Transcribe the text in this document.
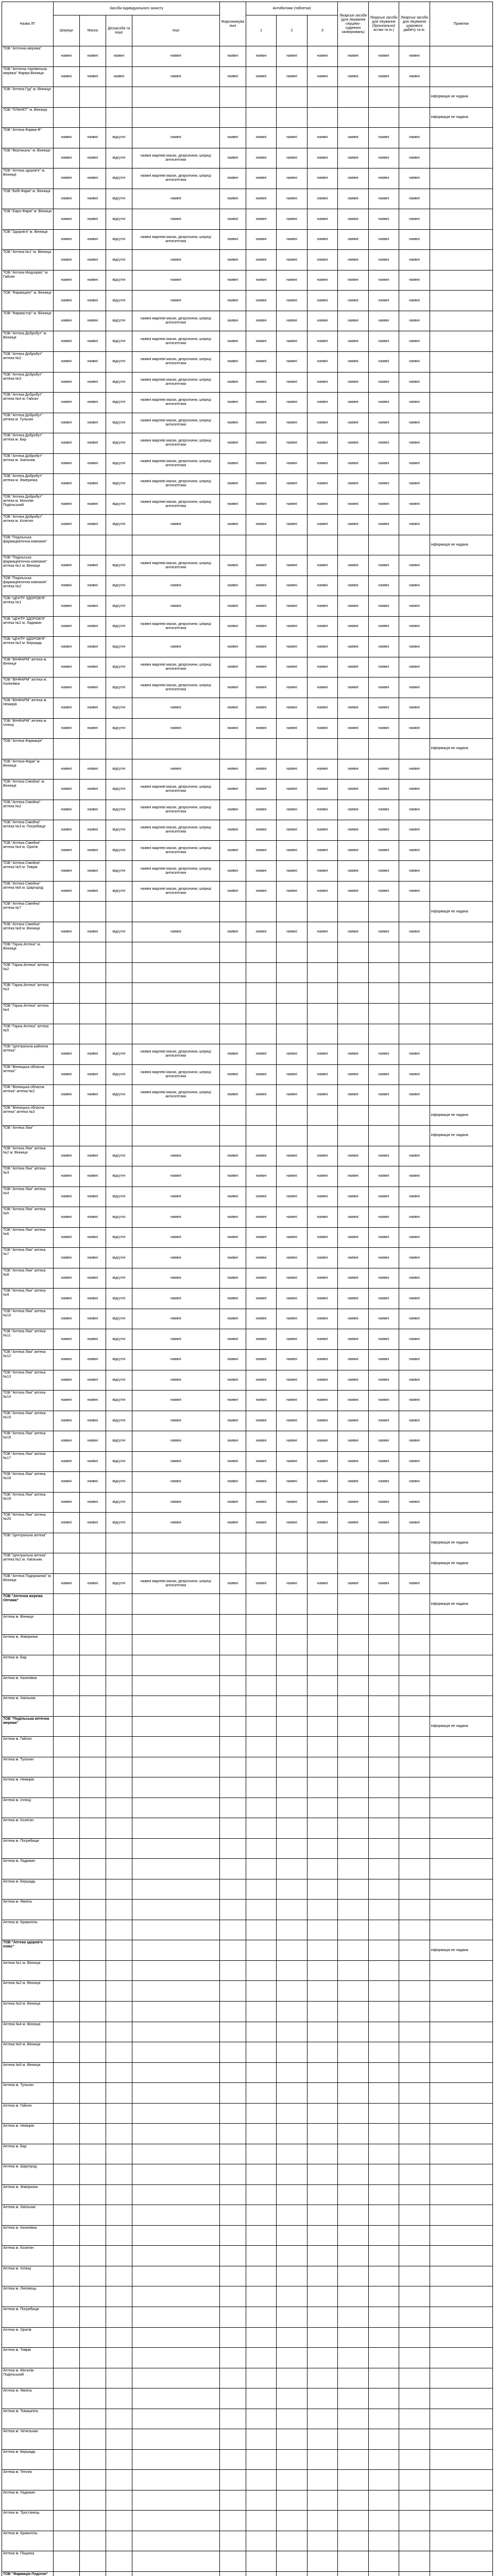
Назва ЛГ	Засоби індивідуального захисту				Жарознижувальні	Антибіотики (таблетки)			Лікарські засоби (для лікування серцево-судинних захворювань)	Лікарські засоби для лікування (бронхіальної астми та ін.)	Лікарські засоби для лікування цукрового діабету та ін.	Примітки
	Шприци	Маска	Деззасоби та інше	Інші		1	2	3				
ТОВ "Аптечна мережа"	наявні	наявні	наявні	наявні	наявні	наявні	наявні	наявні	наявні	наявні	наявні	
ТОВ "Аптечна торгівельна мережа" Фарма Вінниця	наявні	наявні	наявні	наявні	наявні	наявні	наявні	наявні	наявні	наявні	наявні	
ТОВ "Аптека Гуд" м. Вінниця												інформація не надана
ТОВ "ПЛАНЕТ" м. Вінниця												інформація не надана
ТОВ "Аптека Фарма-Ф"	наявні	наявні	відсутні	наявні	наявні	наявні	наявні	наявні	наявні	наявні	наявні	
ТОВ "Вертикаль" м. Вінниця	наявні	наявні	відсутні	наявні марлеві маски, дезрозчини, шприці антисептики	наявні	наявні	наявні	наявні	наявні	наявні	наявні	
ТОВ "Аптека здоров'я" м. Вінниця	наявні	наявні	відсутні	наявні марлеві маски, дезрозчини, шприці антисептики	наявні	наявні	наявні	наявні	наявні	наявні	наявні	
ТОВ "Бебі-Фарм" м. Вінниця	наявні	наявні	відсутні	наявні	наявні	наявні	наявні	наявні	наявні	наявні	наявні	
ТОВ "Євро-Фарм" м. Вінниця	наявні	наявні	відсутні	наявні	наявні	наявні	наявні	наявні	наявні	наявні	наявні	
ТОВ "Здоров'я" м. Вінниця	наявні	наявні	відсутні	наявні марлеві маски, дезрозчини, шприці антисептики	наявні	наявні	наявні	наявні	наявні	наявні	наявні	
ТОВ "Аптека №1" м. Вінниця	наявні	наявні	відсутні	наявні	наявні	наявні	наявні	наявні	наявні	наявні	наявні	
ТОВ "Аптека Медсервіс" м. Гайсин	наявні	наявні	відсутні	наявні	наявні	наявні	наявні	наявні	наявні	наявні	наявні	
ТОВ "Фармацевт" м. Вінниця	наявні	наявні	відсутні	наявні	наявні	наявні	наявні	наявні	наявні	наявні	наявні	
ТОВ "Фармастор" м. Вінниця	наявні	наявні	відсутні	наявні марлеві маски, дезрозчини, шприці антисептики	наявні	наявні	наявні	наявні	наявні	наявні	наявні	
ТОВ "Аптека Добробут" м. Вінниця	наявні	наявні	відсутні	наявні марлеві маски, дезрозчини, шприці антисептики	наявні	наявні	наявні	наявні	наявні	наявні	наявні	
ТОВ "Аптека Добробут" аптека №2	наявні	наявні	відсутні	наявні марлеві маски, дезрозчини, шприці антисептики	наявні	наявні	наявні	наявні	наявні	наявні	наявні	
ТОВ "Аптека Добробут" аптека №3	наявні	наявні	відсутні	наявні марлеві маски, дезрозчини, шприці антисептики	наявні	наявні	наявні	наявні	наявні	наявні	наявні	
ТОВ "Аптека Добробут" аптека №4 м. Гайсин	наявні	наявні	відсутні	наявні марлеві маски, дезрозчини, шприці антисептики	наявні	наявні	наявні	наявні	наявні	наявні	наявні	
ТОВ "Аптека Добробут" аптека м. Тульчин	наявні	наявні	відсутні	наявні марлеві маски, дезрозчини, шприці антисептики	наявні	наявні	наявні	наявні	наявні	наявні	наявні	
ТОВ "Аптека Добробут" аптека м. Бар	наявні	наявні	відсутні	наявні марлеві маски, дезрозчини, шприці антисептики	наявні	наявні	наявні	наявні	наявні	наявні	наявні	
ТОВ "Аптека Добробут" аптека м. Хмільник	наявні	наявні	відсутні	наявні марлеві маски, дезрозчини, шприці антисептики	наявні	наявні	наявні	наявні	наявні	наявні	наявні	
ТОВ "Аптека Добробут" аптека м. Жмеринка	наявні	наявні	відсутні	наявні марлеві маски, дезрозчини, шприці антисептики	наявні	наявні	наявні	наявні	наявні	наявні	наявні	
ТОВ "Аптека Добробут" аптека м. Могилів-Подільський	наявні	наявні	відсутні	наявні марлеві маски, дезрозчини, шприці антисептики	наявні	наявні	наявні	наявні	наявні	наявні	наявні	
ТОВ "Аптека Добробут" аптека м. Козятин	наявні	наявні	відсутні	наявні	наявні	наявні	наявні	наявні	наявні	наявні	наявні	
ТОВ "Подільська фармацевтична компанія"												інформація не надана
ТОВ "Подільська фармацевтична компанія" аптека №1 м. Вінниця	наявні	наявні	відсутні	наявні марлеві маски, дезрозчини, шприці антисептики	наявні	наявні	наявні	наявні	наявні	наявні	наявні	
ТОВ "Подільська фармацевтична компанія" аптека №2	наявні	наявні	відсутні	наявні	наявні	наявні	наявні	наявні	наявні	наявні	наявні	
ТОВ "ЦЕНТР ЗДОРОВ'Я" аптека №1	наявні	наявні	відсутні	наявні	наявні	наявні	наявні	наявні	наявні	наявні	наявні	
ТОВ "ЦЕНТР ЗДОРОВ'Я" аптека №2 м. Ладижин	наявні	наявні	відсутні	наявні марлеві маски, дезрозчини, шприці антисептики	наявні	наявні	наявні	наявні	наявні	наявні	наявні	
ТОВ "ЦЕНТР ЗДОРОВ'Я" аптека №3 м. Бершадь	наявні	наявні	відсутні	наявні	наявні	наявні	наявні	наявні	наявні	наявні	наявні	
ТОВ "ВІНФАРМ" аптека м. Вінниця	наявні	наявні	відсутні	наявні марлеві маски, дезрозчини, шприці антисептики	наявні	наявні	наявні	наявні	наявні	наявні	наявні	
ТОВ "ВІНФАРМ" аптека м. Калинівка	наявні	наявні	відсутні	наявні марлеві маски, дезрозчини, шприці антисептики	наявні	наявні	наявні	наявні	наявні	наявні	наявні	
ТОВ "ВІНФАРМ" аптека м. Немирів	наявні	наявні	відсутні	наявні	наявні	наявні	наявні	наявні	наявні	наявні	наявні	
ТОВ "ВІНФАРМ" аптека м. Іллінці	наявні	наявні	відсутні	наявні	наявні	наявні	наявні	наявні	наявні	наявні	наявні	
ТОВ "Аптека Фармація"												інформація не надана
ТОВ "Аптека-Фарм" м. Вінниця	наявні	наявні	відсутні	наявні	наявні	наявні	наявні	наявні	наявні	наявні	наявні	
ТОВ "Аптека Сімейна" м. Вінниця	наявні	наявні	відсутні	наявні марлеві маски, дезрозчини, шприці антисептики	наявні	наявні	наявні	наявні	наявні	наявні	наявні	
ТОВ "Аптека Сімейна" аптека №2	наявні	наявні	відсутні	наявні марлеві маски, дезрозчини, шприці антисептики	наявні	наявні	наявні	наявні	наявні	наявні	наявні	
ТОВ "Аптека Сімейна" аптека №3 м. Погребище	наявні	наявні	відсутні	наявні марлеві маски, дезрозчини, шприці антисептики	наявні	наявні	наявні	наявні	наявні	наявні	наявні	
ТОВ "Аптека Сімейна" аптека №4 м. Оратів	наявні	наявні	відсутні	наявні марлеві маски, дезрозчини, шприці антисептики	наявні	наявні	наявні	наявні	наявні	наявні	наявні	
ТОВ "Аптека Сімейна" аптека №5 м. Тиврів	наявні	наявні	відсутні	наявні марлеві маски, дезрозчини, шприці антисептики	наявні	наявні	наявні	наявні	наявні	наявні	наявні	
ТОВ "Аптека Сімейна" аптека №6 м. Шаргород	наявні	наявні	відсутні	наявні марлеві маски, дезрозчини, шприці антисептики	наявні	наявні	наявні	наявні	наявні	наявні	наявні	
ТОВ "Аптека Сімейна" аптека №7												інформація не надана
ТОВ "Аптека Сімейна" аптека №8 м. Вінниця	наявні	наявні	відсутні	наявні	наявні	наявні	наявні	наявні	наявні	наявні	наявні	
ТОВ "Гарна Аптека" м. Вінниця												
ТОВ "Гарна Аптека" аптека №2												
ТОВ "Гарна Аптека" аптека №3												
ТОВ "Гарна Аптека" аптека №4												
ТОВ "Гарна Аптека" аптека №5												
ТОВ "Центральна районна аптека"	наявні	наявні	відсутні	наявні марлеві маски, дезрозчини, шприці антисептики	наявні	наявні	наявні	наявні	наявні	наявні	наявні	
ТОВ "Вінницька обласна аптека"	наявні	наявні	відсутні	наявні марлеві маски, дезрозчини, шприці антисептики	наявні	наявні	наявні	наявні	наявні	наявні	наявні	
ТОВ "Вінницька обласна аптека" аптека №2	наявні	наявні	відсутні	наявні марлеві маски, дезрозчини, шприці антисептики	наявні	наявні	наявні	наявні	наявні	наявні	наявні	
ТОВ "Вінницька обласна аптека" аптека №3												інформація не надана
ТОВ "Аптека Ліки"												інформація не надана
ТОВ "Аптека Ліки" аптека №2 м. Вінниця	наявні	наявні	відсутні	наявні	наявні	наявні	наявні	наявні	наявні	наявні	наявні	
ТОВ "Аптека Ліки" аптека №3	наявні	наявні	відсутні	наявні	наявні	наявні	наявні	наявні	наявні	наявні	наявні	
ТОВ "Аптека Ліки" аптека №4	наявні	наявні	відсутні	наявні	наявні	наявні	наявні	наявні	наявні	наявні	наявні	
ТОВ "Аптека Ліки" аптека №5	наявні	наявні	відсутні	наявні	наявні	наявні	наявні	наявні	наявні	наявні	наявні	
ТОВ "Аптека Ліки" аптека №6	наявні	наявні	відсутні	наявні	наявні	наявні	наявні	наявні	наявні	наявні	наявні	
ТОВ "Аптека Ліки" аптека №7	наявні	наявні	відсутні	наявні	наявні	наявні	наявні	наявні	наявні	наявні	наявні	
ТОВ "Аптека Ліки" аптека №8	наявні	наявні	відсутні	наявні	наявні	наявні	наявні	наявні	наявні	наявні	наявні	
ТОВ "Аптека Ліки" аптека №9	наявні	наявні	відсутні	наявні	наявні	наявні	наявні	наявні	наявні	наявні	наявні	
ТОВ "Аптека Ліки" аптека №10	наявні	наявні	відсутні	наявні	наявні	наявні	наявні	наявні	наявні	наявні	наявні	
ТОВ "Аптека Ліки" аптека №11	наявні	наявні	відсутні	наявні	наявні	наявні	наявні	наявні	наявні	наявні	наявні	
ТОВ "Аптека Ліки" аптека №12	наявні	наявні	відсутні	наявні	наявні	наявні	наявні	наявні	наявні	наявні	наявні	
ТОВ "Аптека Ліки" аптека №13	наявні	наявні	відсутні	наявні	наявні	наявні	наявні	наявні	наявні	наявні	наявні	
ТОВ "Аптека Ліки" аптека №14	наявні	наявні	відсутні	наявні	наявні	наявні	наявні	наявні	наявні	наявні	наявні	
ТОВ "Аптека Ліки" аптека №15	наявні	наявні	відсутні	наявні	наявні	наявні	наявні	наявні	наявні	наявні	наявні	
ТОВ "Аптека Ліки" аптека №16	наявні	наявні	відсутні	наявні	наявні	наявні	наявні	наявні	наявні	наявні	наявні	
ТОВ "Аптека Ліки" аптека №17	наявні	наявні	відсутні	наявні	наявні	наявні	наявні	наявні	наявні	наявні	наявні	
ТОВ "Аптека Ліки" аптека №18	наявні	наявні	відсутні	наявні	наявні	наявні	наявні	наявні	наявні	наявні	наявні	
ТОВ "Аптека Ліки" аптека №19	наявні	наявні	відсутні	наявні	наявні	наявні	наявні	наявні	наявні	наявні	наявні	
ТОВ "Аптека Ліки" аптека №20	наявні	наявні	відсутні	наявні	наявні	наявні	наявні	наявні	наявні	наявні	наявні	
ТОВ "Центральна аптека"												інформація не надана
ТОВ "Центральна аптека" аптека №2 м. Хмільник												інформація не надана
ТОВ "Аптека Подорожник" м. Вінниця	наявні	наявні	відсутні	наявні марлеві маски, дезрозчини, шприці антисептики	наявні	наявні	наявні	наявні	наявні	наявні	наявні	
ТОВ "Аптечна мережа Оптима"												інформація не надана
Аптека м. Вінниця												
Аптека м. Жмеринка												
Аптека м. Бар												
Аптека м. Калинівка												
Аптека м. Хмільник												
ТОВ "Подільська аптечна мережа"												інформація не надана
Аптека м. Гайсин												
Аптека м. Тульчин												
Аптека м. Немирів												
Аптека м. Іллінці												
Аптека м. Козятин												
Аптека м. Погребище												
Аптека м. Ладижин												
Аптека м. Бершадь												
Аптека м. Ямпіль												
Аптека м. Крижопіль												
ТОВ "Аптека здоров'я плюс"												інформація не надана
Аптека №1 м. Вінниця												
Аптека №2 м. Вінниця												
Аптека №3 м. Вінниця												
Аптека №4 м. Вінниця												
Аптека №5 м. Вінниця												
Аптека №6 м. Вінниця												
Аптека м. Тульчин												
Аптека м. Гайсин												
Аптека м. Немирів												
Аптека м. Бар												
Аптека м. Шаргород												
Аптека м. Жмеринка												
Аптека м. Хмільник												
Аптека м. Калинівка												
Аптека м. Козятин												
Аптека м. Іллінці												
Аптека м. Липовець												
Аптека м. Погребище												
Аптека м. Оратів												
Аптека м. Тиврів												
Аптека м. Могилів-Подільський												
Аптека м. Ямпіль												
Аптека м. Томашпіль												
Аптека м. Чечельник												
Аптека м. Бершадь												
Аптека м. Теплик												
Аптека м. Ладижин												
Аптека м. Тростянець												
Аптека м. Крижопіль												
Аптека м. Піщанка												
ТОВ "Фармація Поділля"												
